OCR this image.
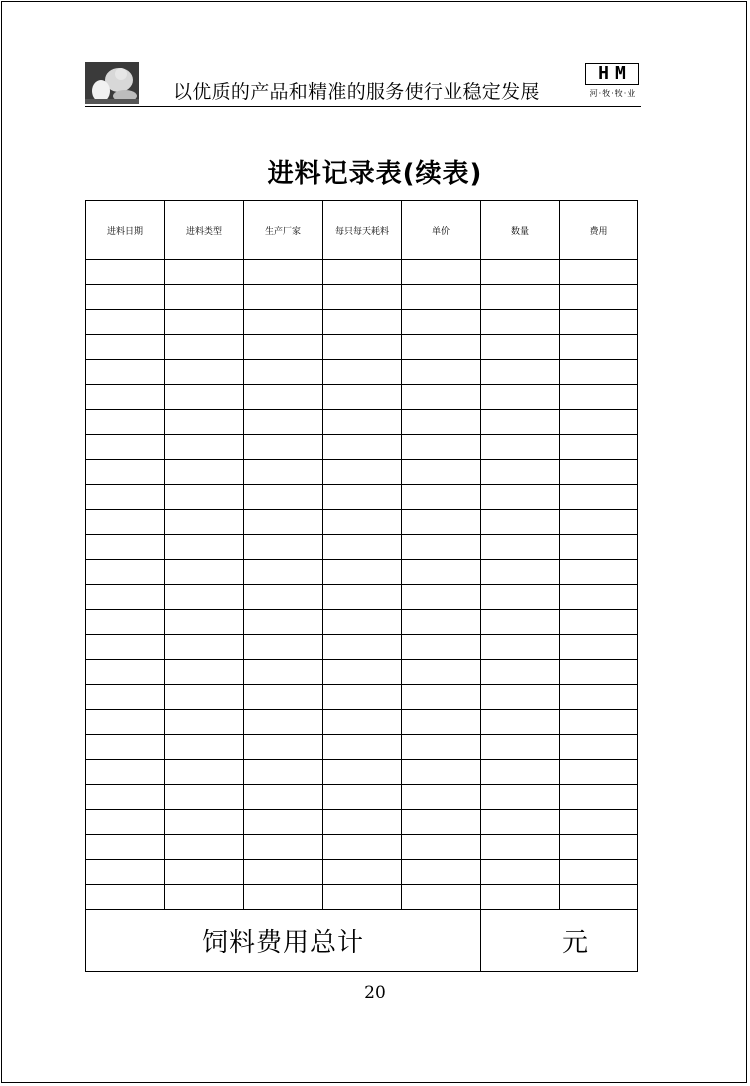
以优质的产品和精准的服务使行业稳定发展
H M
河·牧·牧·业
进料记录表(续表)
进料日期	进料类型	生产厂家	每只每天耗料	单价	数量	费用

饲料费用总计					元	
20
